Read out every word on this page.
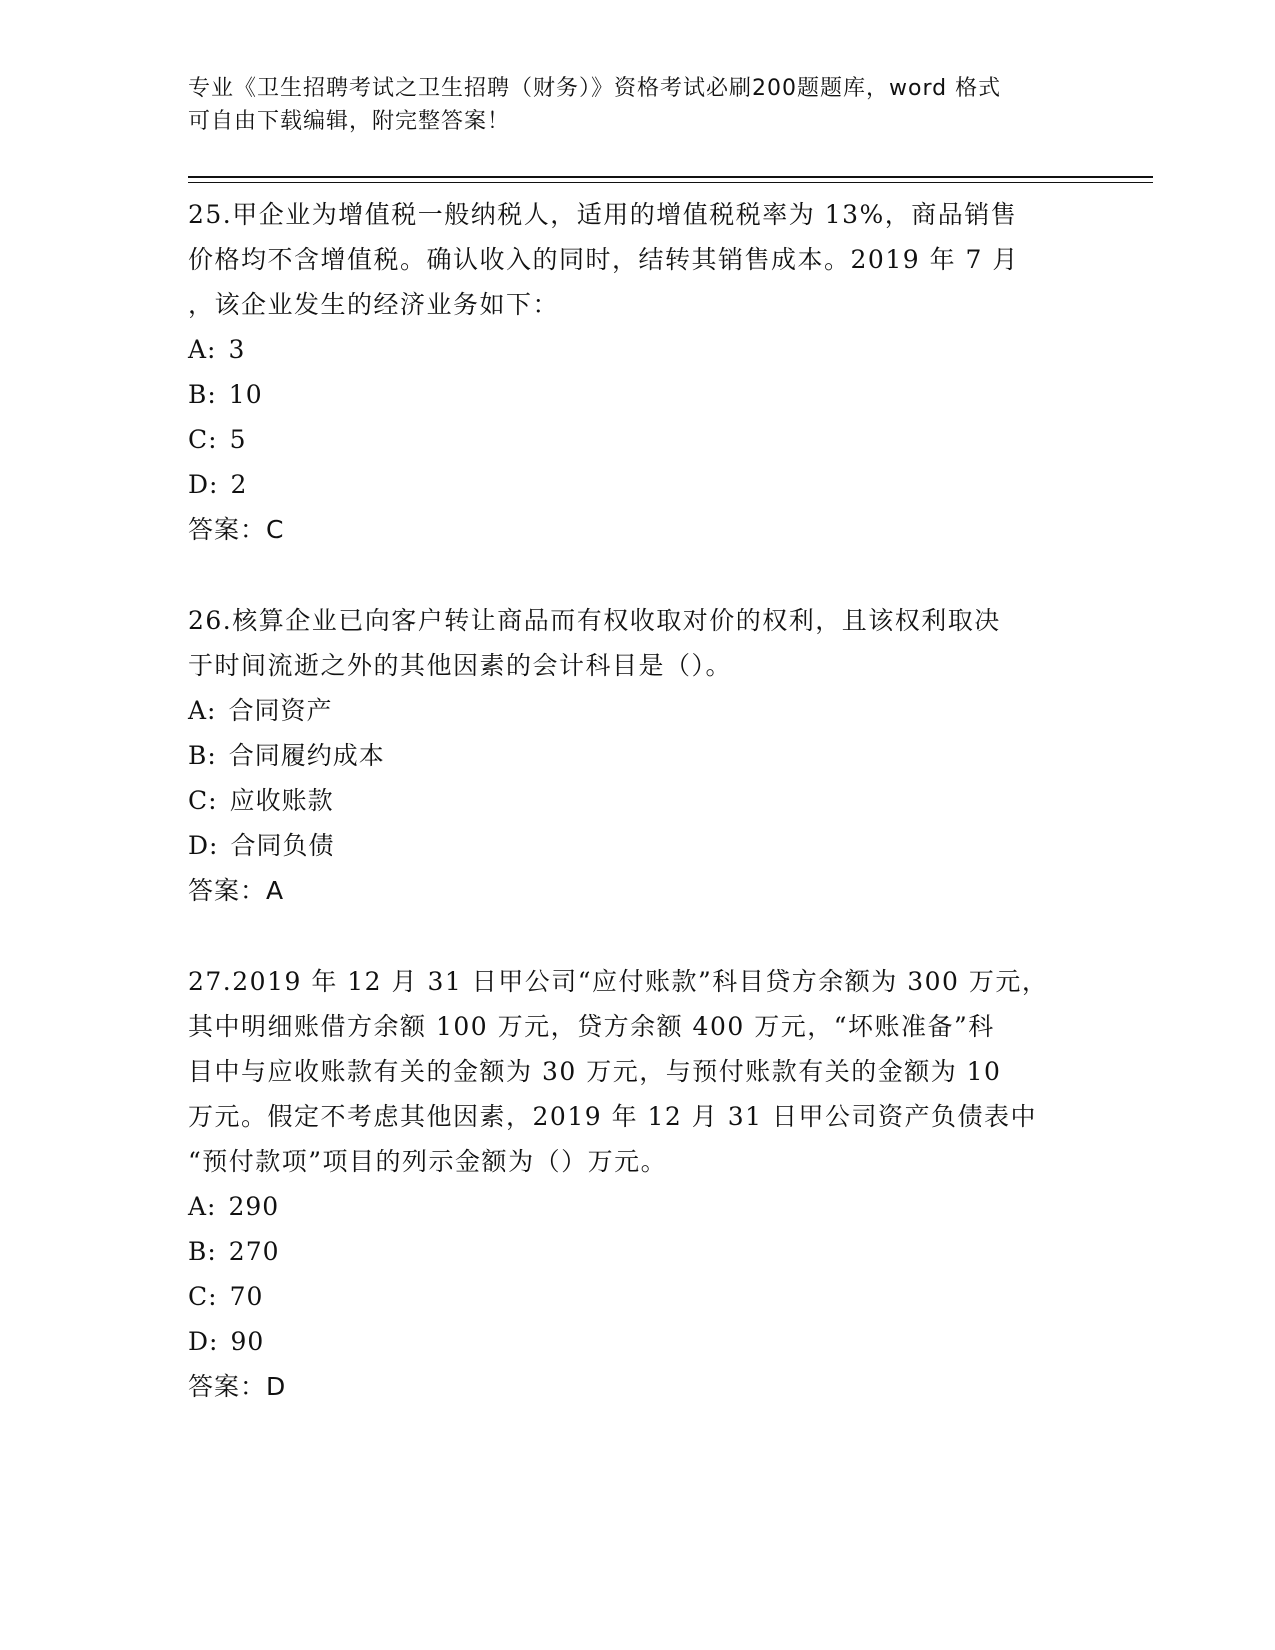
专业《卫生招聘考试之卫生招聘（财务）》资格考试必刷200题题库，word 格式
可自由下载编辑，附完整答案！

25.甲企业为增值税一般纳税人，适用的增值税税率为 13%，商品销售

价格均不含增值税。确认收入的同时，结转其销售成本。2019 年 7 月

，该企业发生的经济业务如下：

A: 3

B: 10

C: 5

D: 2

答案：C

26.核算企业已向客户转让商品而有权收取对价的权利，且该权利取决

于时间流逝之外的其他因素的会计科目是（）。

A: 合同资产

B: 合同履约成本

C: 应收账款

D: 合同负债

答案：A

27.2019 年 12 月 31 日甲公司“应付账款”科目贷方余额为 300 万元，

其中明细账借方余额 100 万元，贷方余额 400 万元，“坏账准备”科

目中与应收账款有关的金额为 30 万元，与预付账款有关的金额为 10

万元。假定不考虑其他因素，2019 年 12 月 31 日甲公司资产负债表中

“预付款项”项目的列示金额为（）万元。

A: 290

B: 270

C: 70

D: 90

答案：D
